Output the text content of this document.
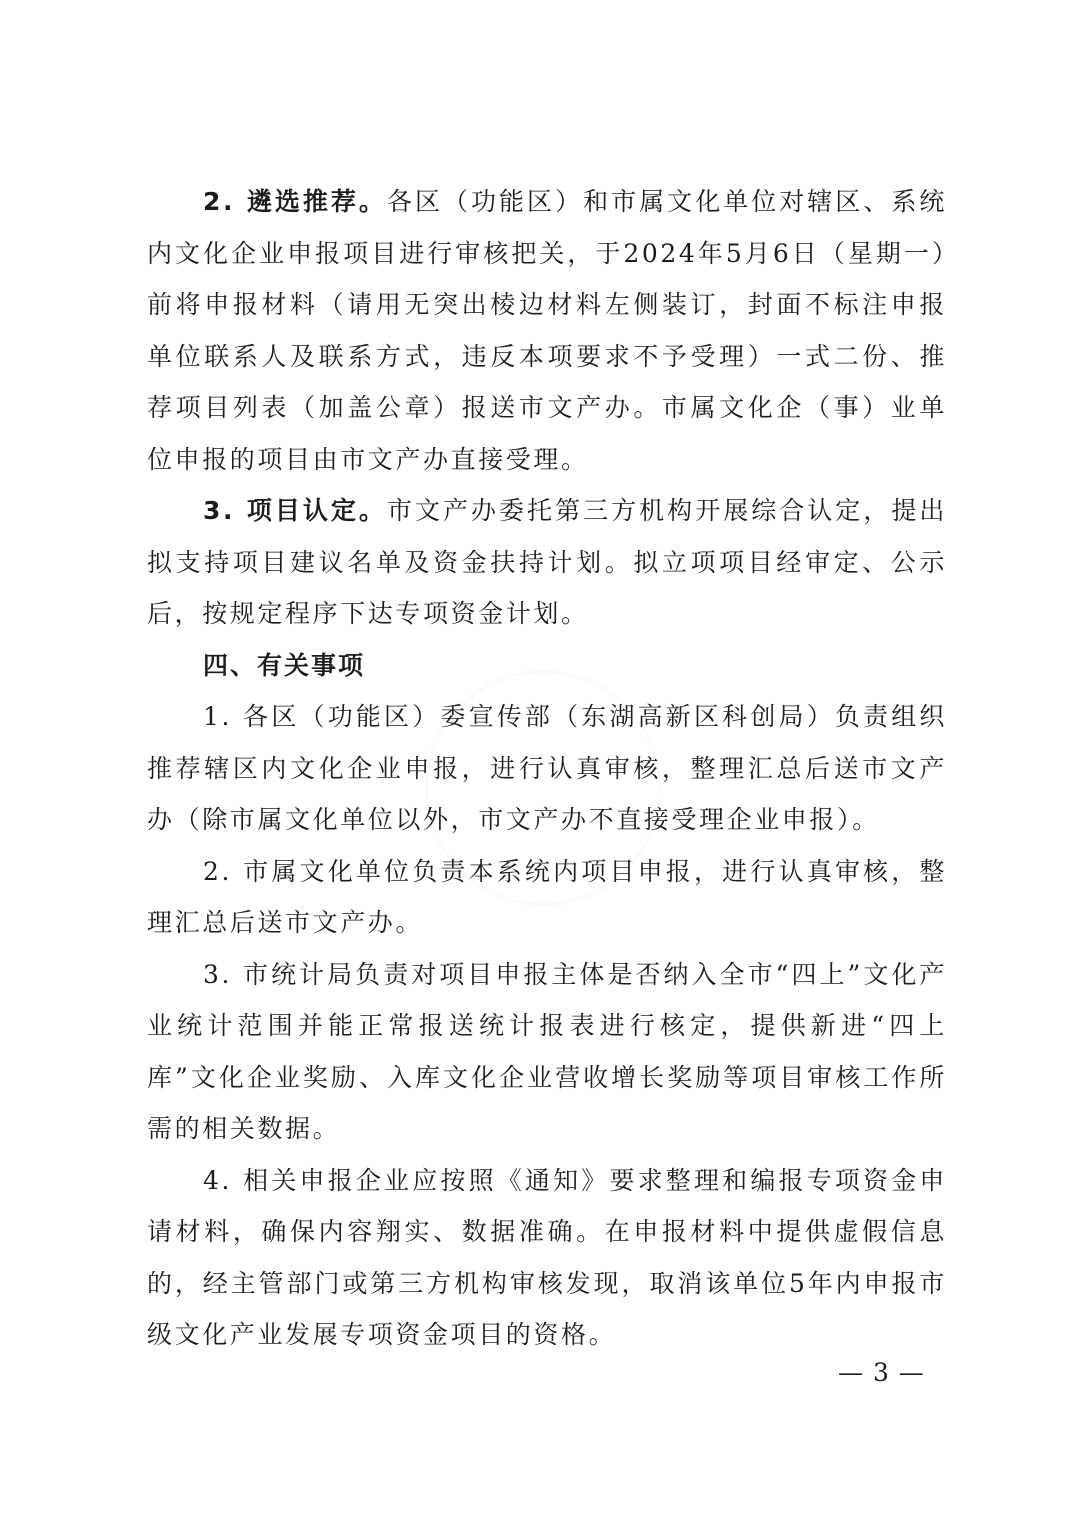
2. 遴选推荐。各区（功能区）和市属文化单位对辖区、系统内文化企业申报项目进行审核把关，于2024年5月6日（星期一）前将申报材料（请用无突出棱边材料左侧装订，封面不标注申报单位联系人及联系方式，违反本项要求不予受理）一式二份、推荐项目列表（加盖公章）报送市文产办。市属文化企（事）业单位申报的项目由市文产办直接受理。

3. 项目认定。市文产办委托第三方机构开展综合认定，提出拟支持项目建议名单及资金扶持计划。拟立项项目经审定、公示后，按规定程序下达专项资金计划。

四、有关事项

1. 各区（功能区）委宣传部（东湖高新区科创局）负责组织推荐辖区内文化企业申报，进行认真审核，整理汇总后送市文产办（除市属文化单位以外，市文产办不直接受理企业申报）。

2. 市属文化单位负责本系统内项目申报，进行认真审核，整理汇总后送市文产办。

3. 市统计局负责对项目申报主体是否纳入全市“四上”文化产业统计范围并能正常报送统计报表进行核定，提供新进“四上库”文化企业奖励、入库文化企业营收增长奖励等项目审核工作所需的相关数据。

4. 相关申报企业应按照《通知》要求整理和编报专项资金申请材料，确保内容翔实、数据准确。在申报材料中提供虚假信息的，经主管部门或第三方机构审核发现，取消该单位5年内申报市级文化产业发展专项资金项目的资格。

— 3 —
